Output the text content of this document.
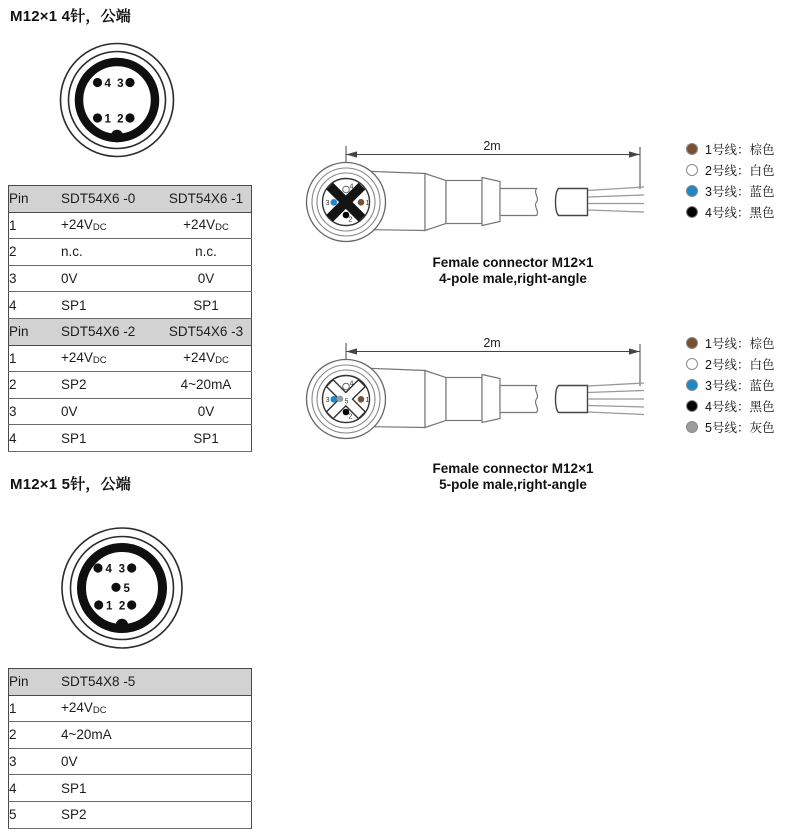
M12×1 4针，公端
4 3
1 2
Pin	SDT54X6 -0	SDT54X6 -1
1	$+24V_{DC}$	$+24V_{DC}$
2	n.c.	n.c.
3	0V	0V
4	SP1	SP1
Pin	SDT54X6 -2	SDT54X6 -3
1	$+24V_{DC}$	$+24V_{DC}$
2	SP2	4~20mA
3	0V	0V
4	SP1	SP1
2m
4
3	1
2
Female connector M12×1
4-pole male,right-angle
1号线：棕色
2号线：白色
3号线：蓝色
4号线：黑色
2m
4
3 5 1
2
Female connector M12×1
5-pole male,right-angle
1号线：棕色
2号线：白色
3号线：蓝色
4号线：黑色
5号线：灰色
M12×1 5针，公端
4 3
5
1 2
Pin	SDT54X8 -5
1	$+24V_{DC}$
2	4~20mA
3	0V
4	SP1
5	SP2
